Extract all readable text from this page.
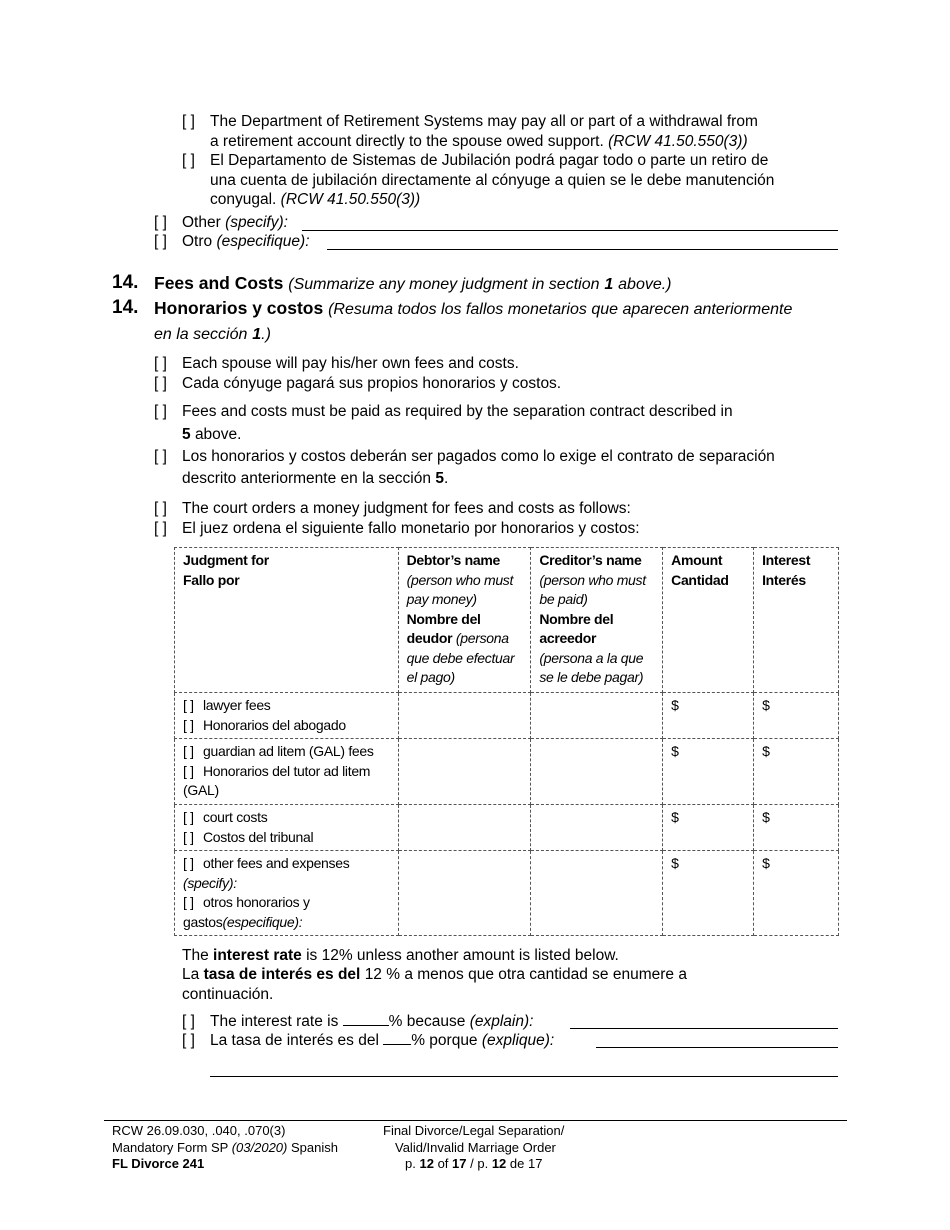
[ ] The Department of Retirement Systems may pay all or part of a withdrawal from
a retirement account directly to the spouse owed support. (RCW 41.50.550(3))
[ ] El Departamento de Sistemas de Jubilación podrá pagar todo o parte un retiro de
una cuenta de jubilación directamente al cónyuge a quien se le debe manutención
conyugal. (RCW 41.50.550(3))
[ ] Other (specify):
[ ] Otro (especifique):
14. Fees and Costs (Summarize any money judgment in section 1 above.)
14. Honorarios y costos (Resuma todos los fallos monetarios que aparecen anteriormente
en la sección 1.)
[ ] Each spouse will pay his/her own fees and costs.
[ ] Cada cónyuge pagará sus propios honorarios y costos.
[ ] Fees and costs must be paid as required by the separation contract described in
5 above.
[ ] Los honorarios y costos deberán ser pagados como lo exige el contrato de separación
descrito anteriormente en la sección 5.
[ ] The court orders a money judgment for fees and costs as follows:
[ ] El juez ordena el siguiente fallo monetario por honorarios y costos:
Judgment for
Fallo por	Debtor’s name
(person who must pay money)
Nombre del deudor (persona que debe efectuar el pago)	Creditor’s name
(person who must be paid)
Nombre del acreedor
(persona a la que se le debe pagar)	Amount
Cantidad	Interest
Interés
[ ] lawyer fees
[ ] Honorarios del abogado			$	$
[ ] guardian ad litem (GAL) fees
[ ] Honorarios del tutor ad litem (GAL)			$	$
[ ] court costs
[ ] Costos del tribunal			$	$
[ ] other fees and expenses
(specify):
[ ] otros honorarios y gastos(especifique):			$	$
The interest rate is 12% unless another amount is listed below.
La tasa de interés es del 12 % a menos que otra cantidad se enumere a
continuación.
[ ] The interest rate is	% because (explain):
[ ] La tasa de interés es del % porque (explique):
RCW 26.09.030, .040, .070(3)
Mandatory Form SP (03/2020) Spanish
FL Divorce 241
Final Divorce/Legal Separation/
Valid/Invalid Marriage Order
p. 12 of 17 / p. 12 de 17
